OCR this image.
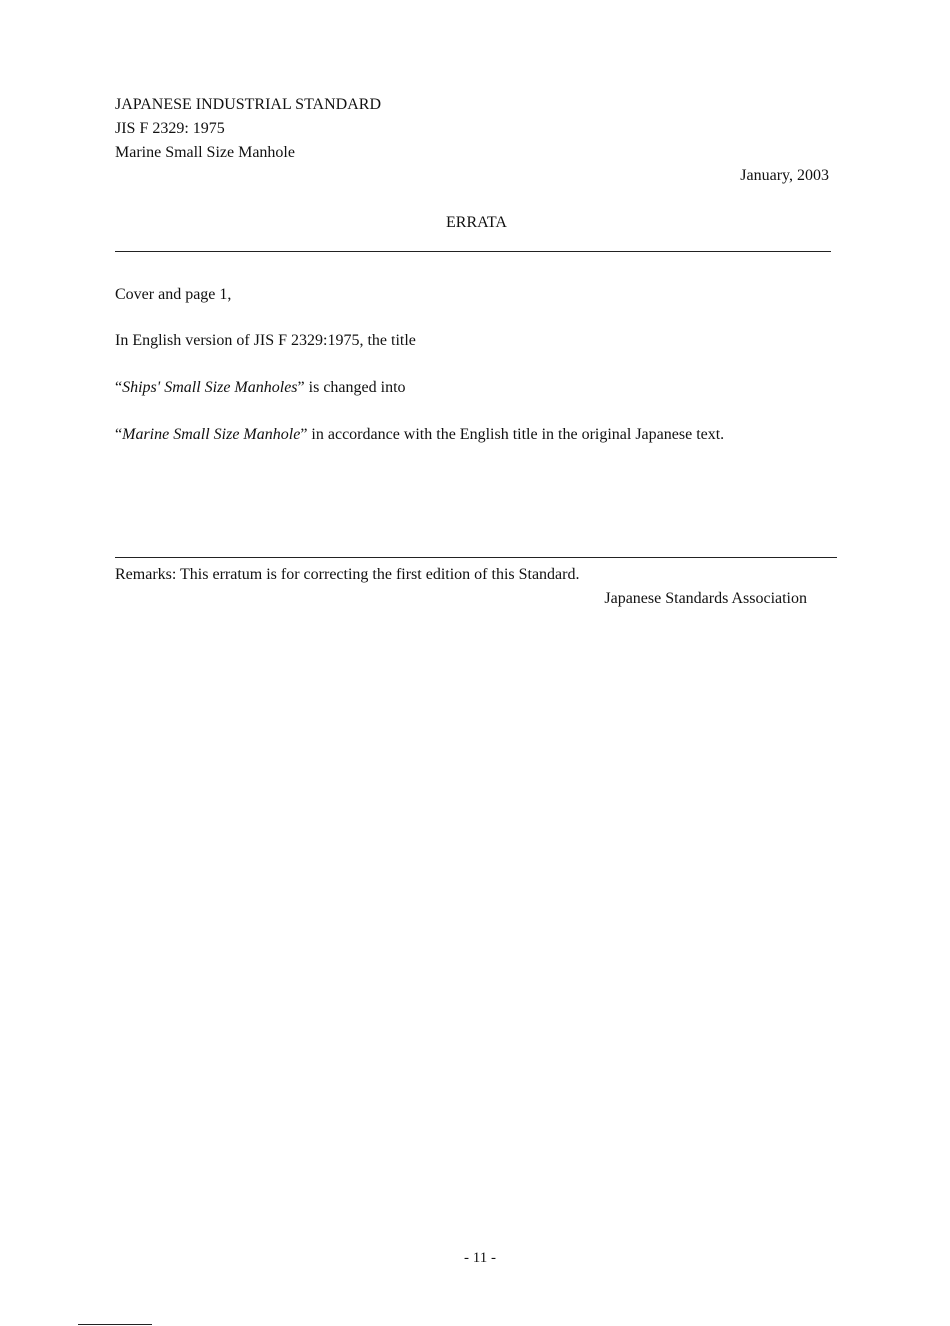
JAPANESE INDUSTRIAL STANDARD
JIS F 2329: 1975
Marine Small Size Manhole
January, 2003
ERRATA
Cover and page 1,
In English version of JIS F 2329:1975, the title
“Ships' Small Size Manholes” is changed into
“Marine Small Size Manhole” in accordance with the English title in the original Japanese text.
Remarks: This erratum is for correcting the first edition of this Standard.
Japanese Standards Association
- 11 -
